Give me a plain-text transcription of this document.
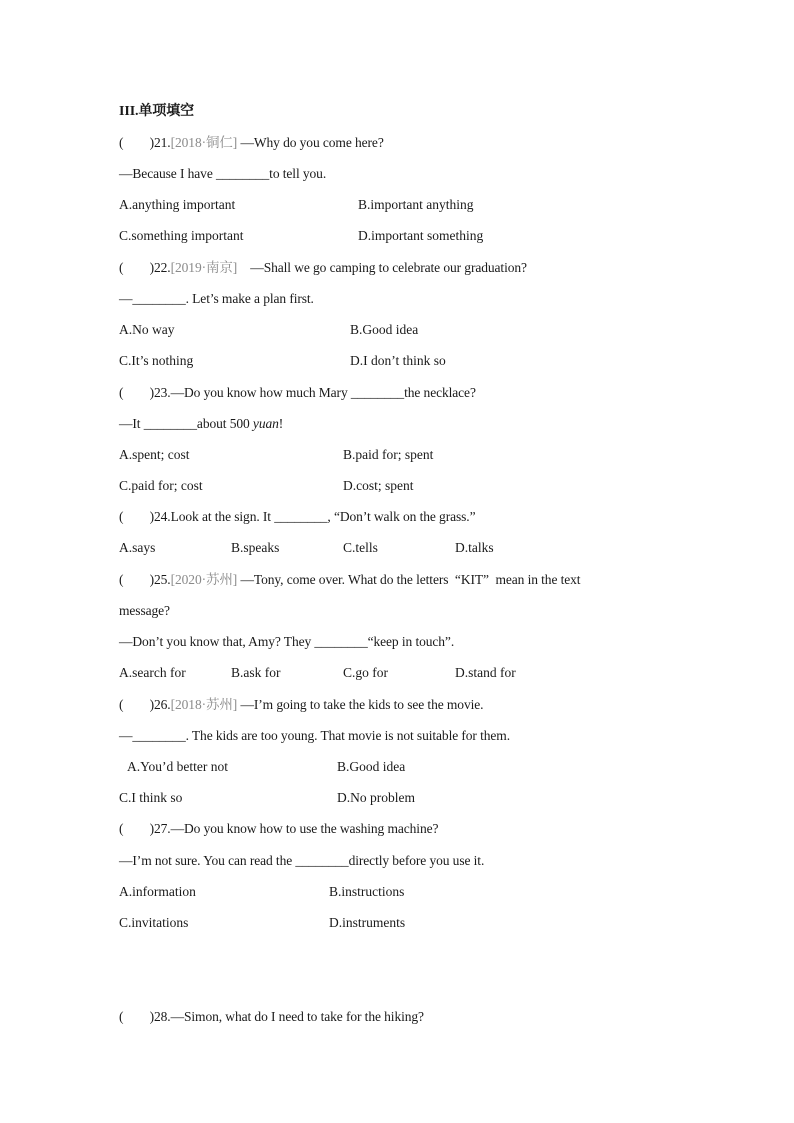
III.单项填空
( )21.[2018·铜仁] —Why do you come here?
—Because I have ________to tell you.
A.anything important	B.important anything
C.something important	D.important something
( )22.[2019·南京]    —Shall we go camping to celebrate our graduation?
—________. Let’s make a plan first.
A.No way	B.Good idea
C.It’s nothing	D.I don’t think so
( )23.—Do you know how much Mary ________the necklace?
—It ________about 500 yuan!
A.spent; cost	B.paid for; spent
C.paid for; cost	D.cost; spent
( )24.Look at the sign. It ________, “Don’t walk on the grass.”
A.says	B.speaks	C.tells	D.talks
( )25.[2020·苏州] —Tony, come over. What do the letters  “KIT”  mean in the text
message?
—Don’t you know that, Amy? They ________“keep in touch”.
A.search for	B.ask for	C.go for	D.stand for
( )26.[2018·苏州] —I’m going to take the kids to see the movie.
—________. The kids are too young. That movie is not suitable for them.
A.You’d better not	B.Good idea
C.I think so	D.No problem
( )27.—Do you know how to use the washing machine?
—I’m not sure. You can read the ________directly before you use it.
A.information	B.instructions
C.invitations	D.instruments
( )28.—Simon, what do I need to take for the hiking?
